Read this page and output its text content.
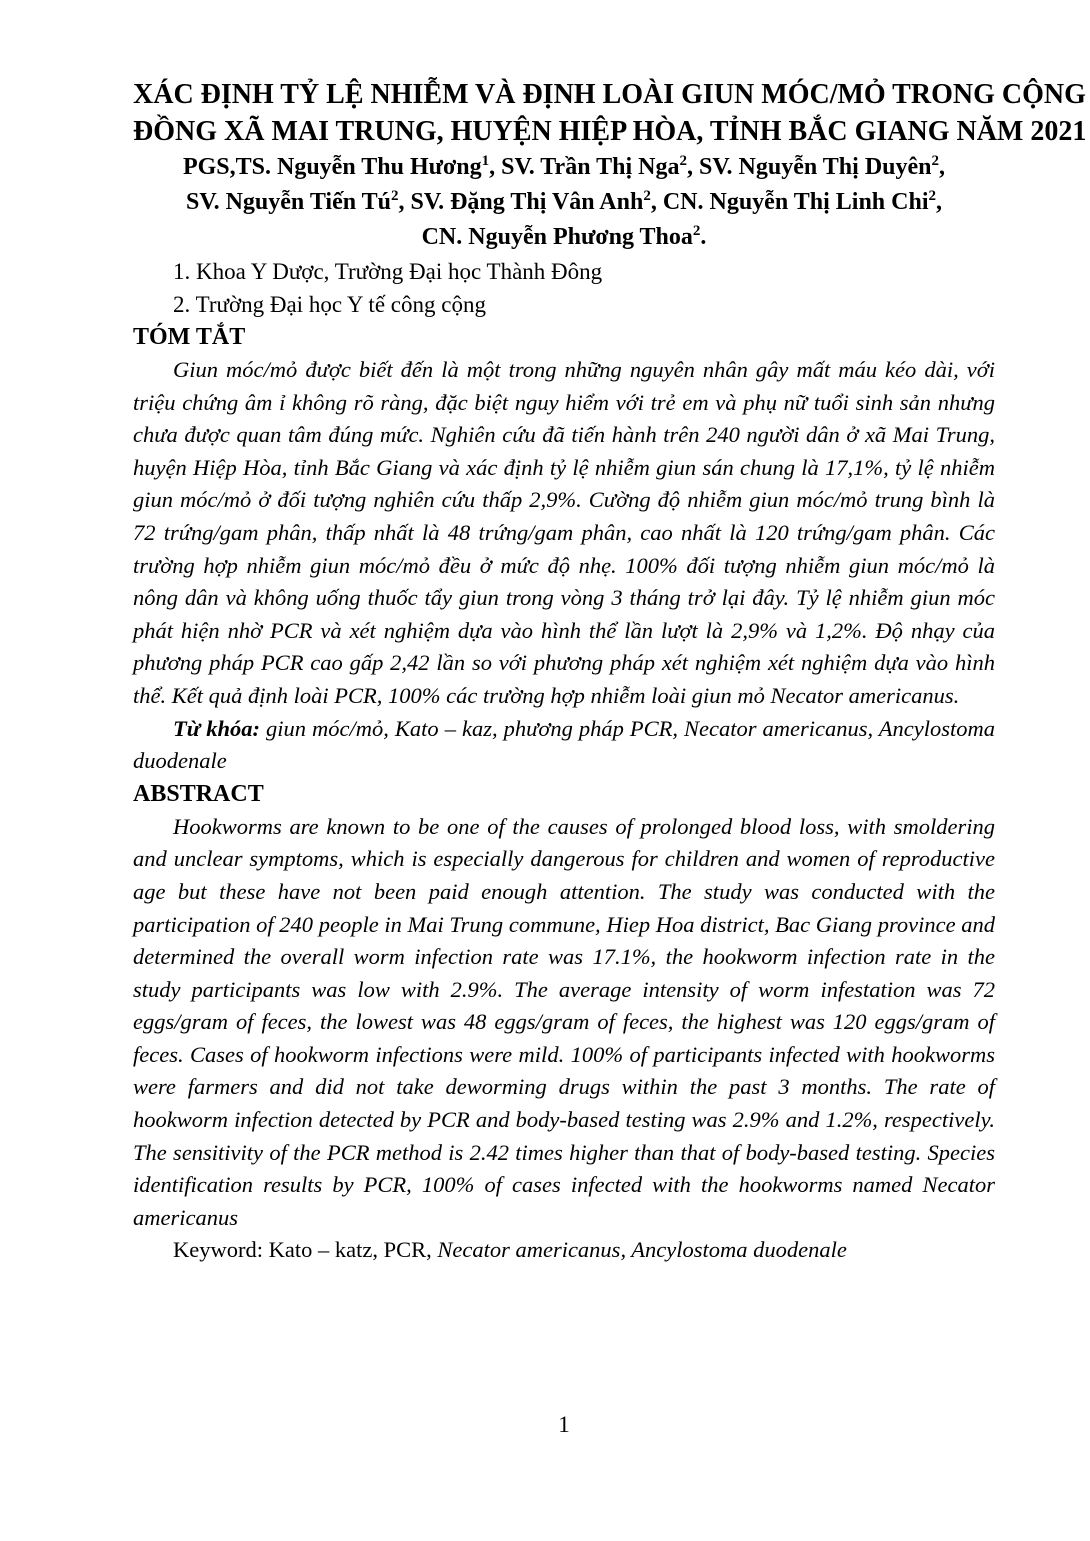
XÁC ĐỊNH TỶ LỆ NHIỄM VÀ ĐỊNH LOÀI GIUN MÓC/MỎ TRONG CỘNG
ĐỒNG XÃ MAI TRUNG, HUYỆN HIỆP HÒA, TỈNH BẮC GIANG NĂM 2021
PGS,TS. Nguyễn Thu Hương$^1$, SV. Trần Thị Nga$^2$, SV. Nguyễn Thị Duyên$^2$,
SV. Nguyễn Tiến $Tú^2$, SV. Đặng Thị Vân Anh$^2$, CN. Nguyễn Thị Linh Chi$^2$,
CN. Nguyễn Phương Thoa$^2$.
1. Khoa Y Dược, Trường Đại học Thành Đông
2. Trường Đại học Y tế công cộng
TÓM TẮT

Giun móc/mỏ được biết đến là một trong những nguyên nhân gây mất máu kéo dài, với triệu chứng âm ỉ không rõ ràng, đặc biệt nguy hiểm với trẻ em và phụ nữ tuổi sinh sản nhưng chưa được quan tâm đúng mức. Nghiên cứu đã tiến hành trên 240 người dân ở xã Mai Trung, huyện Hiệp Hòa, tỉnh Bắc Giang và xác định tỷ lệ nhiễm giun sán chung là 17,1%, tỷ lệ nhiễm giun móc/mỏ ở đối tượng nghiên cứu thấp 2,9%. Cường độ nhiễm giun móc/mỏ trung bình là 72 trứng/gam phân, thấp nhất là 48 trứng/gam phân, cao nhất là 120 trứng/gam phân. Các trường hợp nhiễm giun móc/mỏ đều ở mức độ nhẹ. 100% đối tượng nhiễm giun móc/mỏ là nông dân và không uống thuốc tẩy giun trong vòng 3 tháng trở lại đây. Tỷ lệ nhiễm giun móc phát hiện nhờ PCR và xét nghiệm dựa vào hình thể lần lượt là 2,9% và 1,2%. Độ nhạy của phương pháp PCR cao gấp 2,42 lần so với phương pháp xét nghiệm xét nghiệm dựa vào hình thể. Kết quả định loài PCR, 100% các trường hợp nhiễm loài giun mỏ Necator americanus.

Từ khóa: giun móc/mỏ, Kato – kaz, phương pháp PCR, Necator americanus, Ancylostoma duodenale

ABSTRACT

Hookworms are known to be one of the causes of prolonged blood loss, with smoldering and unclear symptoms, which is especially dangerous for children and women of reproductive age but these have not been paid enough attention. The study was conducted with the participation of 240 people in Mai Trung commune, Hiep Hoa district, Bac Giang province and determined the overall worm infection rate was 17.1%, the hookworm infection rate in the study participants was low with 2.9%. The average intensity of worm infestation was 72 eggs/gram of feces, the lowest was 48 eggs/gram of feces, the highest was 120 eggs/gram of feces. Cases of hookworm infections were mild. 100% of participants infected with hookworms were farmers and did not take deworming drugs within the past 3 months. The rate of hookworm infection detected by PCR and body-based testing was 2.9% and 1.2%, respectively. The sensitivity of the PCR method is 2.42 times higher than that of body-based testing. Species identification results by PCR, 100% of cases infected with the hookworms named Necator americanus

Keyword: Kato – katz, PCR, Necator americanus, Ancylostoma duodenale

1
